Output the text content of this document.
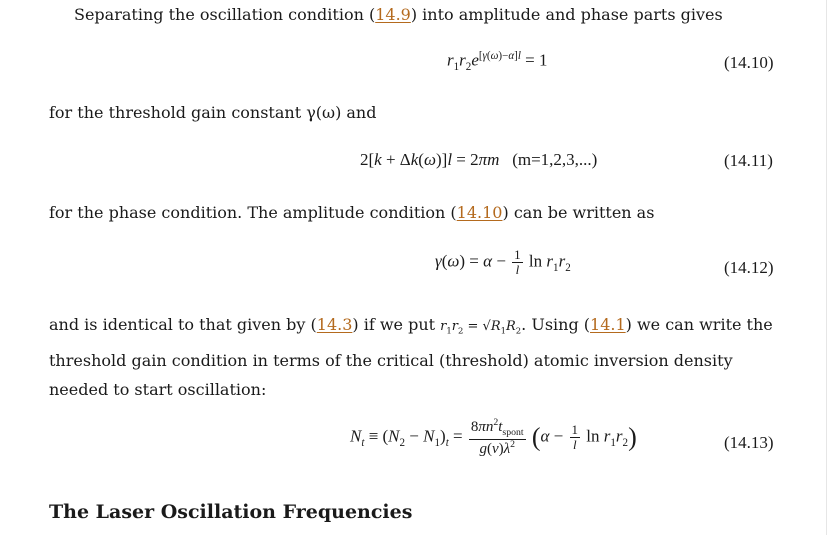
Separating the oscillation condition (14.9) into amplitude and phase parts gives

$r_1r_2e^{[\gamma(\omega)-\alpha]l} = 1$	(14.10)

for the threshold gain constant γ(ω) and

2[k + Δk(ω)]l = 2πm (m=1,2,3,...)	(14.11)

for the phase condition. The amplitude condition (14.10) can be written as

$\gamma(\omega) = \alpha - \frac{1}{l}$ $\ln r_1r_2$	(14.12)

and is identical to that given by (14.3) if we put $r_1r_2 = √R_1R_2$. Using (14.1) we can write the threshold gain condition in terms of the critical (threshold) atomic inversion density needed to start oscillation:

$N_t \equiv (N_2 - N_1)_t = \frac{8\pi n^2t_{spont}}{g(\nu)\lambda^2} (\alpha - \frac{1}{l}$ $\ln r_1r_2$)	(14.13)
The Laser Oscillation Frequencies
